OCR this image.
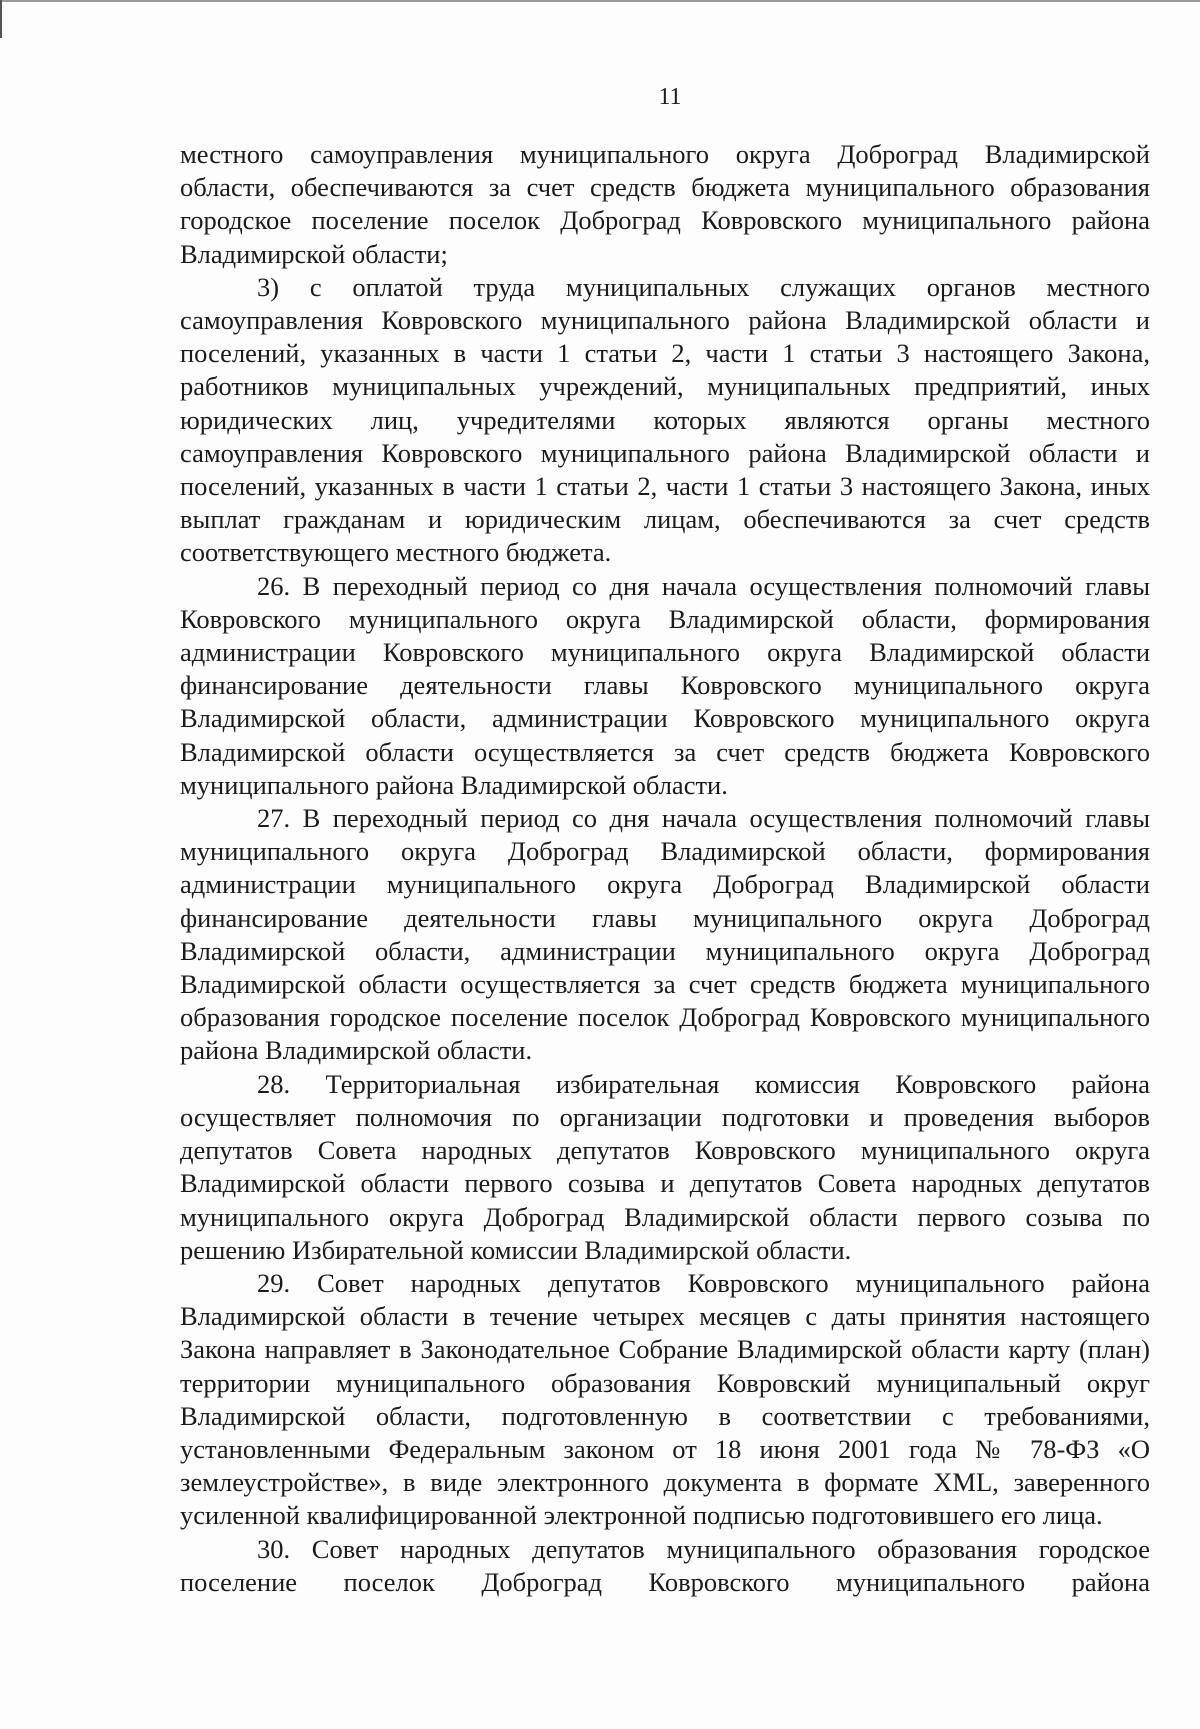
11

местного самоуправления муниципального округа Доброград Владимирской области, обеспечиваются за счет средств бюджета муниципального образования городское поселение поселок Доброград Ковровского муниципального района Владимирской области;

3) с оплатой труда муниципальных служащих органов местного самоуправления Ковровского муниципального района Владимирской области и поселений, указанных в части 1 статьи 2, части 1 статьи 3 настоящего Закона, работников муниципальных учреждений, муниципальных предприятий, иных юридических лиц, учредителями которых являются органы местного самоуправления Ковровского муниципального района Владимирской области и поселений, указанных в части 1 статьи 2, части 1 статьи 3 настоящего Закона, иных выплат гражданам и юридическим лицам, обеспечиваются за счет средств соответствующего местного бюджета.

26. В переходный период со дня начала осуществления полномочий главы Ковровского муниципального округа Владимирской области, формирования администрации Ковровского муниципального округа Владимирской области финансирование деятельности главы Ковровского муниципального округа Владимирской области, администрации Ковровского муниципального округа Владимирской области осуществляется за счет средств бюджета Ковровского муниципального района Владимирской области.

27. В переходный период со дня начала осуществления полномочий главы муниципального округа Доброград Владимирской области, формирования администрации муниципального округа Доброград Владимирской области финансирование деятельности главы муниципального округа Доброград Владимирской области, администрации муниципального округа Доброград Владимирской области осуществляется за счет средств бюджета муниципального образования городское поселение поселок Доброград Ковровского муниципального района Владимирской области.

28. Территориальная избирательная комиссия Ковровского района осуществляет полномочия по организации подготовки и проведения выборов депутатов Совета народных депутатов Ковровского муниципального округа Владимирской области первого созыва и депутатов Совета народных депутатов муниципального округа Доброград Владимирской области первого созыва по решению Избирательной комиссии Владимирской области.

29. Совет народных депутатов Ковровского муниципального района Владимирской области в течение четырех месяцев с даты принятия настоящего Закона направляет в Законодательное Собрание Владимирской области карту (план) территории муниципального образования Ковровский муниципальный округ Владимирской области, подготовленную в соответствии с требованиями, установленными Федеральным законом от 18 июня 2001 года № 78-ФЗ «О землеустройстве», в виде электронного документа в формате XML, заверенного усиленной квалифицированной электронной подписью подготовившего его лица.

30. Совет народных депутатов муниципального образования городское поселение поселок Доброград Ковровского муниципального района
